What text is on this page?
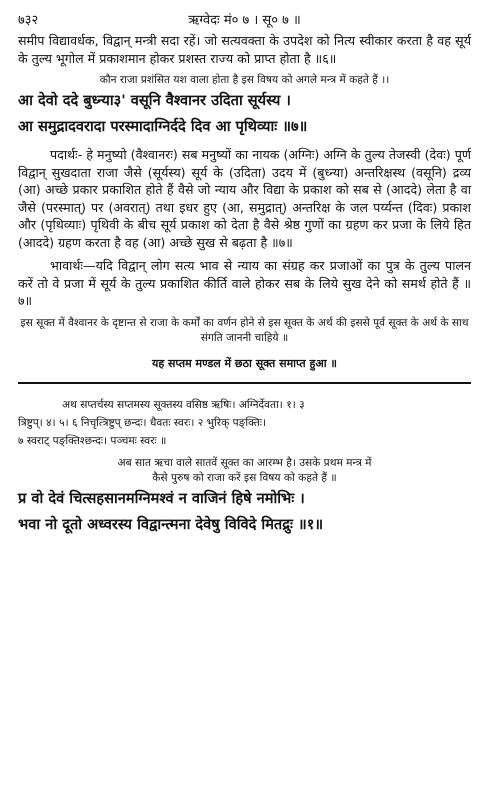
७३२	ऋग्वेदः मं० ७ । सू० ७ ॥

समीप विद्यावर्धक, विद्वान् मन्त्री सदा रहें। जो सत्यवक्ता के उपदेश को नित्य स्वीकार करता है वह सूर्य के तुल्य भूगोल में प्रकाशमान होकर प्रशस्त राज्य को प्राप्त होता है ॥६॥

कौन राजा प्रशंसित यश वाला होता है इस विषय को अगले मन्त्र में कहते हैं ।।

आ देवो ददे बुध्न्या३' वसूनि वैश्वानर उदिता सूर्यस्य ।

आ समुद्रादवरादा परस्मादाग्निर्ददे दिव आ पृथिव्याः ॥७॥

पदार्थः- हे मनुष्यो (वैश्वानरः) सब मनुष्यों का नायक (अग्निः) अग्नि के तुल्य तेजस्वी (देवः) पूर्ण विद्वान् सुखदाता राजा जैसे (सूर्यस्य) सूर्य के (उदिता) उदय में (बुध्न्या) अन्तरिक्षस्थ (वसूनि) द्रव्य (आ) अच्छे प्रकार प्रकाशित होते हैं वैसे जो न्याय और विद्या के प्रकाश को सब से (आददे) लेता है वा जैसे (परस्मात्) पर (अवरात्) तथा इधर हुए (आ, समुद्रात्) अन्तरिक्ष के जल पर्य्यन्त (दिवः) प्रकाश और (पृथिव्याः) पृथिवी के बीच सूर्य प्रकाश को देता है वैसे श्रेष्ठ गुणों का ग्रहण कर प्रजा के लिये हित (आददे) ग्रहण करता है वह (आ) अच्छे सुख से बढ़ता है ॥७॥

भावार्थः—यदि विद्वान् लोग सत्य भाव से न्याय का संग्रह कर प्रजाओं का पुत्र के तुल्य पालन करें तो वे प्रजा में सूर्य के तुल्य प्रकाशित कीर्ति वाले होकर सब के लिये सुख देने को समर्थ होते हैं ॥७॥

इस सूक्त में वैश्वानर के दृष्टान्त से राजा के कर्मों का वर्णन होने से इस सूक्त के अर्थ की इससे पूर्व सूक्त के अर्थ के साथ संगति जाननी चाहिये ॥

यह सप्तम मण्डल में छठा सूक्त समाप्त हुआ ॥

अथ सप्तर्चस्य सप्तमस्य सूक्तस्य वसिष्ठ ऋषिः। अग्निर्देवता। १। ३

त्रिष्टुप्। ४। ५। ६ निचृत्त्रिष्टुप् छन्दः। धैवतः स्वरः। २ भुरिक् पङ्क्तिः।

७ स्वराट् पङ्क्तिश्छन्दः। पञ्चमः स्वरः ॥

अब सात ऋचा वाले सातवें सूक्त का आरम्भ है। उसके प्रथम मन्त्र में

कैसे पुरुष को राजा करें इस विषय को कहते हैं ॥

प्र वो देवं चित्सहसानमग्निमश्वं न वाजिनं हिषे नमोभिः ।

भवा नो दूतो अध्वरस्य विद्वान्त्मना देवेषु विविदे मितद्रुः ॥१॥
